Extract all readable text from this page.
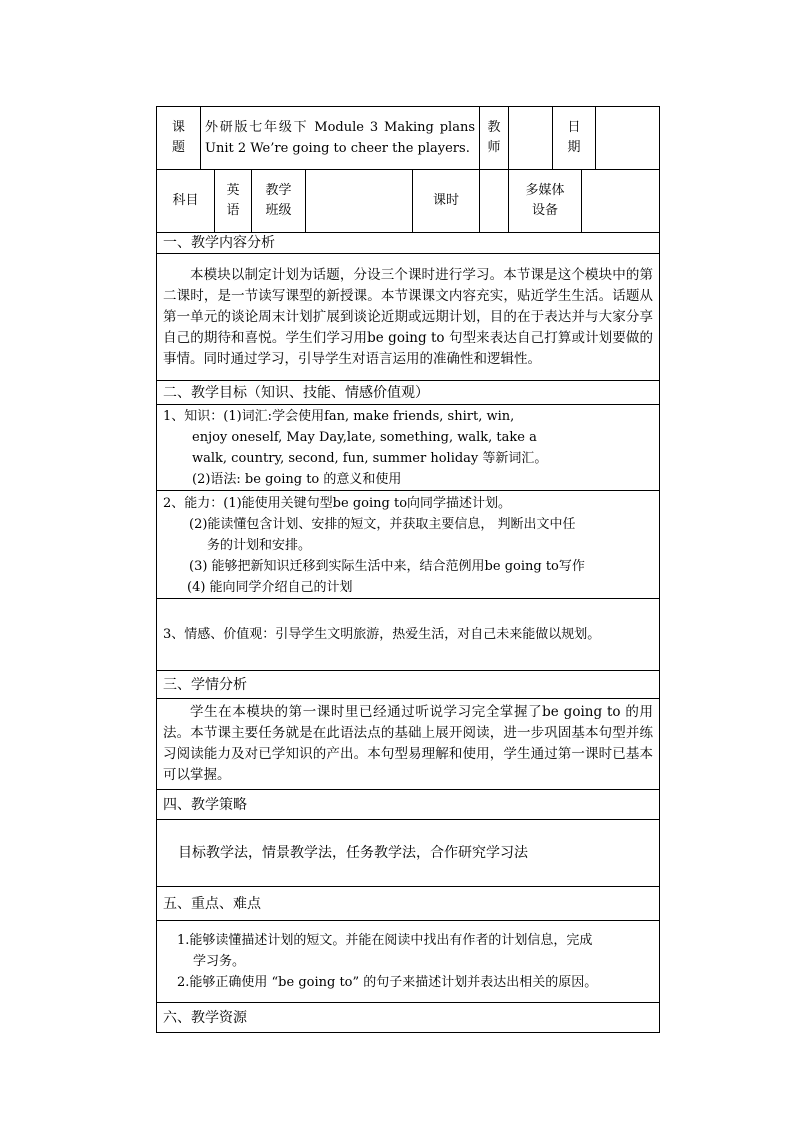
课题	外研版七年级下 Module 3 Making plans Unit 2 We’re going to cheer the players.					教师		日期		

科目		英语	教学班级		课时		多媒体设备			

一、教学内容分析										
本模块以制定计划为话题，分设三个课时进行学习。本节课是这个模块中的第二课时，是一节读写课型的新授课。本节课课文内容充实，贴近学生生活。话题从第一单元的谈论周末计划扩展到谈论近期或远期计划，目的在于表达并与大家分享自己的期待和喜悦。学生们学习用be going to 句型来表达自己打算或计划要做的事情。同时通过学习，引导学生对语言运用的准确性和逻辑性。										
二、教学目标（知识、技能、情感价值观）										

1、知识：(1)词汇:学会使用fan, make friends, shirt, win,
enjoy oneself, May Day,late, something, walk, take a
walk, country, second, fun, summer holiday 等新词汇。
(2)语法: be going to 的意义和使用										

2、能力：(1)能使用关键句型be going to向同学描述计划。
(2)能读懂包含计划、安排的短文，并获取主要信息， 判断出文中任
务的计划和安排。
(3) 能够把新知识迁移到实际生活中来，结合范例用be going to写作
(4) 能向同学介绍自己的计划										

3、情感、价值观：引导学生文明旅游，热爱生活，对自己未来能做以规划。										
三、学情分析										
学生在本模块的第一课时里已经通过听说学习完全掌握了be going to 的用法。本节课主要任务就是在此语法点的基础上展开阅读，进一步巩固基本句型并练习阅读能力及对已学知识的产出。本句型易理解和使用，学生通过第一课时已基本可以掌握。										
四、教学策略										
目标教学法，情景教学法，任务教学法，合作研究学习法										
五、重点、难点										

1.能够读懂描述计划的短文。并能在阅读中找出有作者的计划信息，完成
学习务。
2.能够正确使用 “be going to” 的句子来描述计划并表达出相关的原因。										

六、教学资源										
